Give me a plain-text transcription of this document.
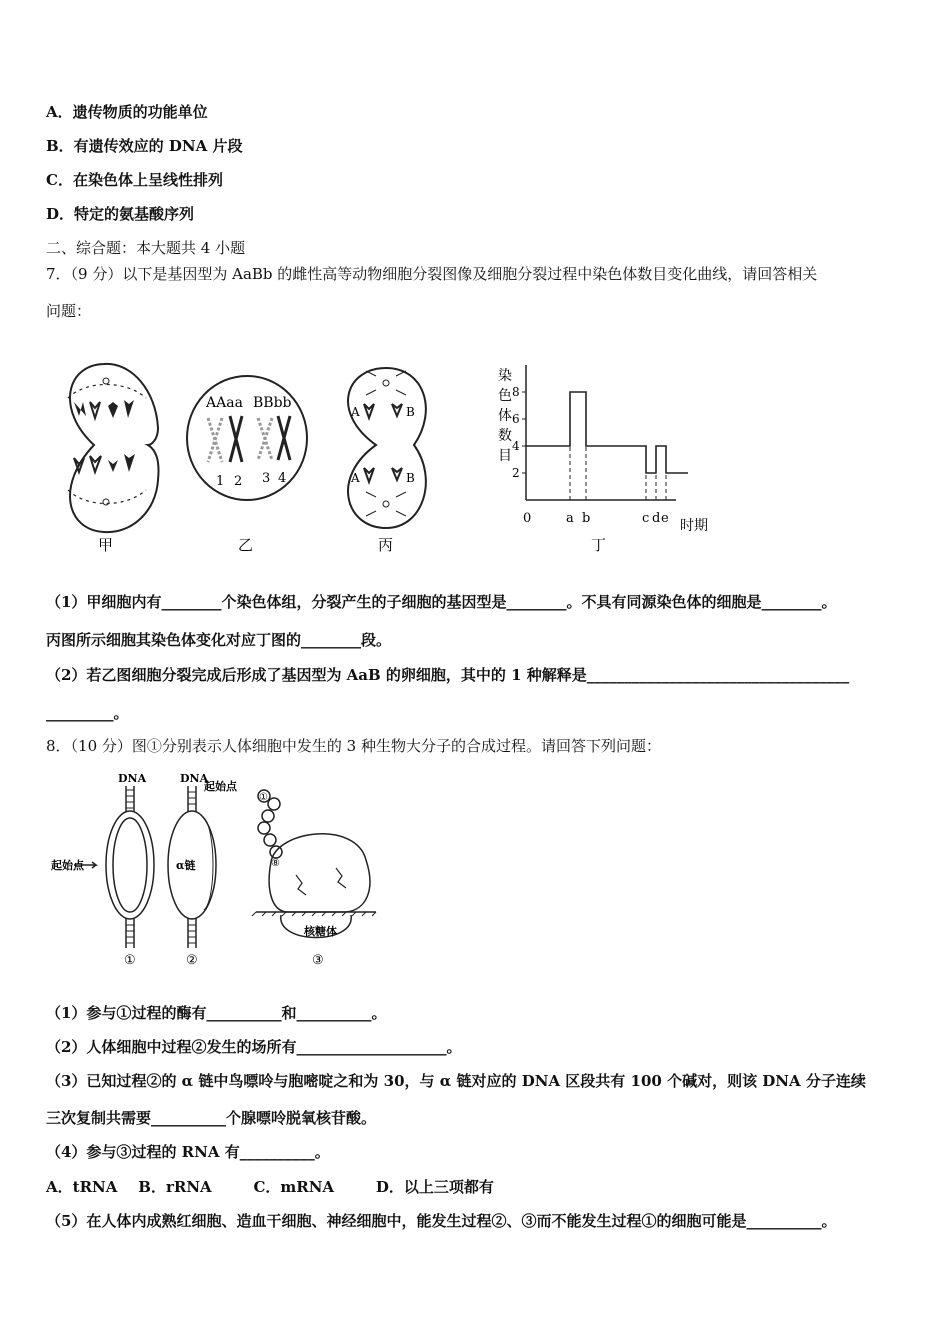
A．遗传物质的功能单位
B．有遗传效应的 DNA 片段
C．在染色体上呈线性排列
D．特定的氨基酸序列
二、综合题：本大题共 4 小题
7．（9 分）以下是基因型为 AaBb 的雌性高等动物细胞分裂图像及细胞分裂过程中染色体数目变化曲线，请回答相关
问题：
甲
AAaa BBbb
1 2 3 4
乙
A	B
A	B
丙
2
4
6
8
染
色
体
数
目
0	a b	c d e 时期
丁
（1）甲细胞内有________个染色体组，分裂产生的子细胞的基因型是________。不具有同源染色体的细胞是________。
丙图所示细胞其染色体变化对应丁图的________段。
（2）若乙图细胞分裂完成后形成了基因型为 AaB 的卵细胞，其中的 1 种解释是___________________________________
_________。
8．（10 分）图①分别表示人体细胞中发生的 3 种生物大分子的合成过程。请回答下列问题：
DNA
起始点
①
DNA
起始点
α链
②
①
⑧
核糖体
③
（1）参与①过程的酶有__________和__________。
（2）人体细胞中过程②发生的场所有____________________。
（3）已知过程②的 α 链中鸟嘌呤与胞嘧啶之和为 30，与 α 链对应的 DNA 区段共有 100 个碱对，则该 DNA 分子连续
三次复制共需要__________个腺嘌呤脱氧核苷酸。
（4）参与③过程的 RNA 有__________。
A．tRNA    B．rRNA        C．mRNA        D．以上三项都有
（5）在人体内成熟红细胞、造血干细胞、神经细胞中，能发生过程②、③而不能发生过程①的细胞可能是__________。
